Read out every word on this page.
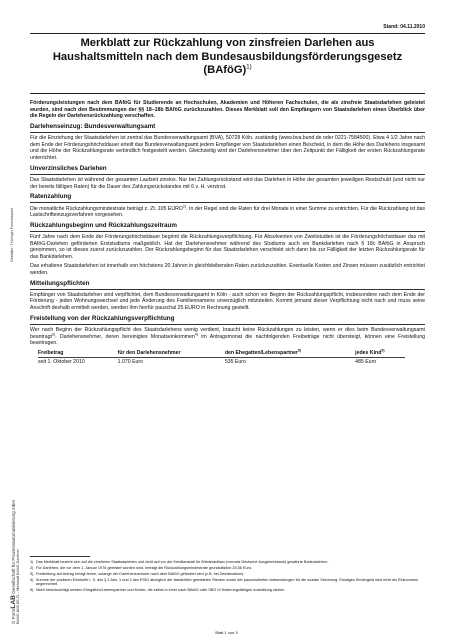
Stand: 04.11.2010
Merkblatt zur Rückzahlung von zinsfreien Darlehen aus
Haushaltsmitteln nach dem Bundesausbildungsförderungsgesetz
(BAföG)$^{1)}$

Förderungsleistungen nach dem BAföG für Studierende an Hochschulen, Akademien und Höheren Fachschulen, die als zinsfreie Staatsdarlehen geleistet wurden, sind nach den Bestimmungen der §§ 18–18b BAföG zurückzuzahlen. Dieses Merkblatt soll den Empfängern von Staatsdarlehen einen Überblick über die Regeln der Darlehensrückzahlung verschaffen.

Darlehenseinzug: Bundesverwaltungsamt

Für die Einziehung der Staatsdarlehen ist zentral das Bundesverwaltungsamt (BVA), 50728 Köln, zuständig (www.bva.bund.de oder 0221-7584500). Etwa 4 1/2 Jahre nach dem Ende der Förderungshöchstdauer erteilt das Bundesverwaltungsamt jedem Empfänger von Staatsdarlehen einen Bescheid, in dem die Höhe des Darlehens insgesamt und die Höhe der Rückzahlungsrate verbindlich festgestellt werden. Gleichzeitig wird der Darlehensnehmer über den Zeitpunkt der Fälligkeit der ersten Rückzahlungsrate unterrichtet.

Unverzinsliches Darlehen

Das Staatsdarlehen ist während der gesamten Laufzeit zinslos. Nur bei Zahlungsrückstand wird das Darlehen in Höhe der gesamten jeweiligen Restschuld (und nicht nur der bereits fälligen Raten) für die Dauer des Zahlungsrückstandes mit 6 v. H. verzinst.

Ratenzahlung

Die monatliche Rückzahlungsmindestrate beträgt z. Zt. 105 EURO$^{2)}$. In der Regel sind die Raten für drei Monate in einer Summe zu entrichten. Für die Rückzahlung ist das Lastschrifteinzugsverfahren vorgesehen.

Rückzahlungsbeginn und Rückzahlungszeitraum

Fünf Jahre nach dem Ende der Förderungshöchstdauer beginnt die Rückzahlungsverpflichtung. Für Absolventen von Zweitstudien ist die Förderungshöchstdauer das mit BAföG-Darlehen geförderten Erststudiums maßgeblich. Hat der Darlehensnehmer während des Studiums auch ein Bankdarlehen nach § 18c BAföG in Anspruch genommen, so ist dieses zuerst zurückzuzahlen. Der Rückzahlungsbeginn für das Staatsdarlehen verschiebt sich dann bis zur Fälligkeit der letzten Rückzahlungsrate für das Bankdarlehen.

Das erhaltene Staatsdarlehen ist innerhalb von höchstens 20 Jahren in gleichbleibenden Raten zurückzuzahlen. Eventuelle Kosten und Zinsen müssen zusätzlich entrichtet werden.

Mitteilungspflichten

Empfänger von Staatsdarlehen sind verpflichtet, dem Bundesverwaltungsamt in Köln - auch schon vor Beginn der Rückzahlungspflicht, insbesondere nach dem Ende der Förderung - jeden Wohnungswechsel und jede Änderung des Familiennamens unverzüglich mitzuteilen. Kommt jemand dieser Verpflichtung nicht nach und muss seine Anschrift deshalb ermittelt werden, werden ihm hierfür pauschal 25 EURO in Rechnung gestellt.

Freistellung von der Rückzahlungsverpflichtung

Wer nach Beginn der Rückzahlungspflicht des Staatsdarlehens wenig verdient, braucht keine Rückzahlungen zu leisten, wenn er dies beim Bundesverwaltungsamt beantragt$^{3)}$. Darlehensnehmer, deren bereinigtes Monatseinkommen$^{4)}$ im Antragsmonat die nachfolgenden Freibeträge nicht übersteigt, können eine Freistellung beantragen.

Freibetrag	für den Darlehensnehmer	den Ehegatten/Lebenspartner$^{5)}$	jedes Kind$^{5)}$
seit 1. Oktober 2010	1.070 Euro	535 Euro	485 Euro
1) Das Merkblatt bezieht sich auf die zinsfreien Staatsdarlehen und nicht auf vor der Kreditanstalt für Wiederaufbau (vormals Deutsche Ausgleichsbank) gewährte Bankdarlehen.
2) Für Darlehen, die vor dem 1. Januar 1976 geleistet worden sind, beträgt die Rückzahlungsmindestrate grundsätzlich 25,56 Euro.
3) Freistellung auf Antrag erfolgt ferner, solange der Darlehensnehmer nach dem BAföG gefördert wird (z.B. bei Zweitstudium).
4) Summe der positiven Einkünfte i. S. des § 2 Abs. 1 und 2 des EStG abzüglich der tatsächlich geleisteten Steuern sowie der pauschalierten Aufwendungen für die soziale Sicherung. Etwaiges Kindergeld wird nicht als Einkommen angerechnet.
5) Nicht berücksichtigt werden Ehegatten/Lebenspartner und Kinder, die selbst in einer nach BAföG oder SBG III förderungsfähigen Ausbildung stehen.
Blatt 1 von 3
Gestalter: Thüringer Formularpool
© FormLAB Gesellschaft für Prozessautomatisierung mbH BAföG-M48 DE-FL - Merkblatt BAföG-Darlehen
